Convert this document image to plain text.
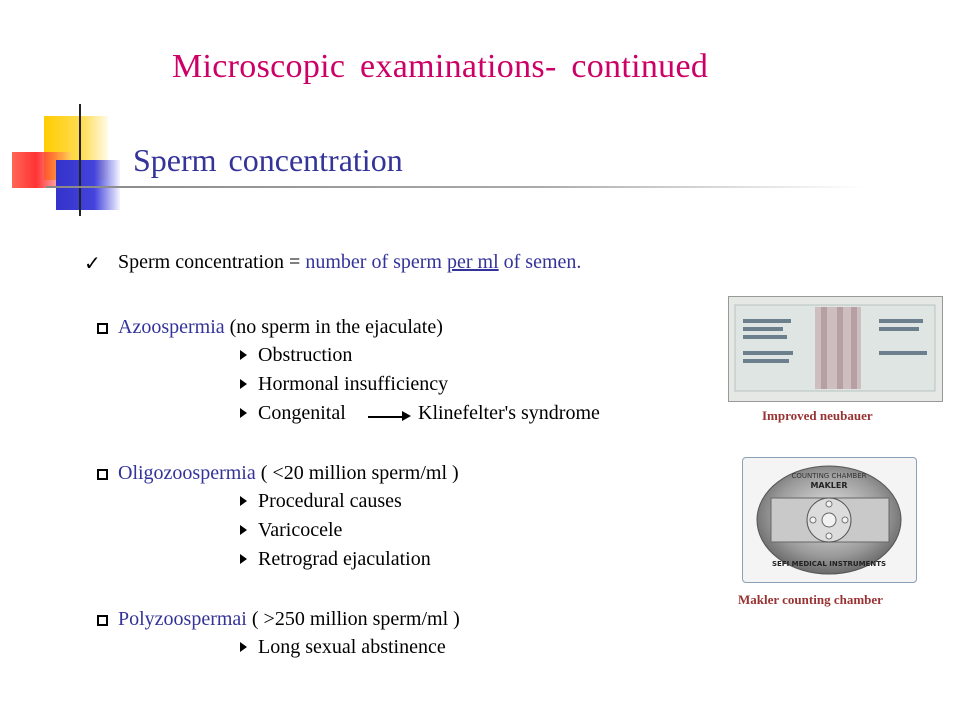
Microscopic examinations- continued
Sperm concentration
✓ Sperm concentration = number of sperm per ml of semen.
Azoospermia (no sperm in the ejaculate)
Obstruction
Hormonal insufficiency
Congenital	Klinefelter's syndrome
Oligozoospermia ( <20 million sperm/ml )
Procedural causes
Varicocele
Retrograd ejaculation
Polyzoospermai ( >250 million sperm/ml )
Long sexual abstinence
Improved neubauer
COUNTING CHAMBER
MAKLER
SEFI MEDICAL INSTRUMENTS
Makler counting chamber
